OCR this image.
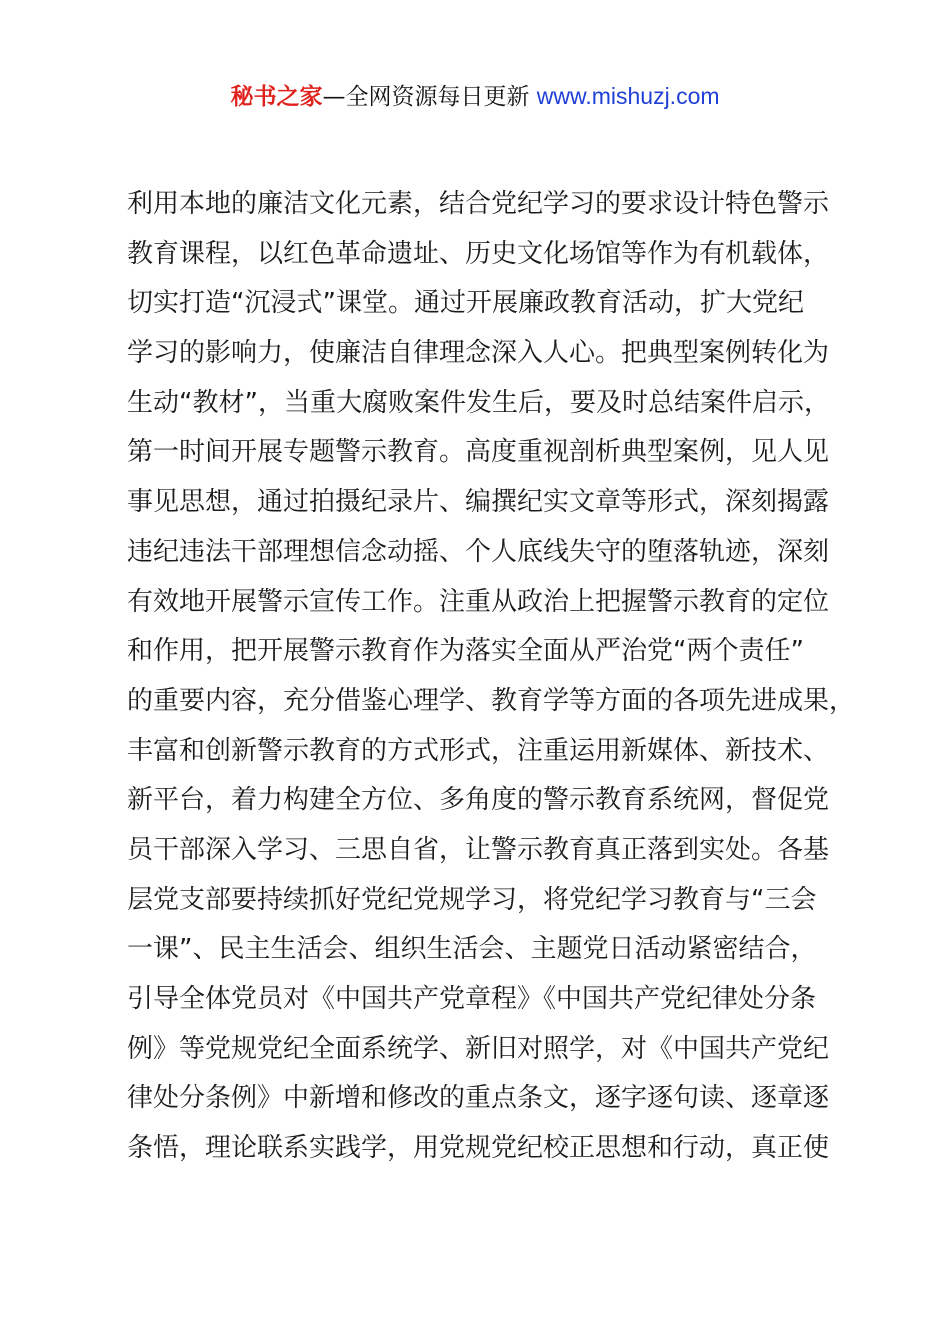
秘书之家—全网资源每日更新 www.mishuzj.com
利用本地的廉洁文化元素，结合党纪学习的要求设计特色警示
教育课程，以红色革命遗址、历史文化场馆等作为有机载体，
切实打造“沉浸式”课堂。通过开展廉政教育活动，扩大党纪
学习的影响力，使廉洁自律理念深入人心。把典型案例转化为
生动“教材”，当重大腐败案件发生后，要及时总结案件启示，
第一时间开展专题警示教育。高度重视剖析典型案例，见人见
事见思想，通过拍摄纪录片、编撰纪实文章等形式，深刻揭露
违纪违法干部理想信念动摇、个人底线失守的堕落轨迹，深刻
有效地开展警示宣传工作。注重从政治上把握警示教育的定位
和作用，把开展警示教育作为落实全面从严治党“两个责任”
的重要内容，充分借鉴心理学、教育学等方面的各项先进成果，
丰富和创新警示教育的方式形式，注重运用新媒体、新技术、
新平台，着力构建全方位、多角度的警示教育系统网，督促党
员干部深入学习、三思自省，让警示教育真正落到实处。各基
层党支部要持续抓好党纪党规学习，将党纪学习教育与“三会
一课”、民主生活会、组织生活会、主题党日活动紧密结合，
引导全体党员对《中国共产党章程》《中国共产党纪律处分条
例》等党规党纪全面系统学、新旧对照学，对《中国共产党纪
律处分条例》中新增和修改的重点条文，逐字逐句读、逐章逐
条悟，理论联系实践学，用党规党纪校正思想和行动，真正使
